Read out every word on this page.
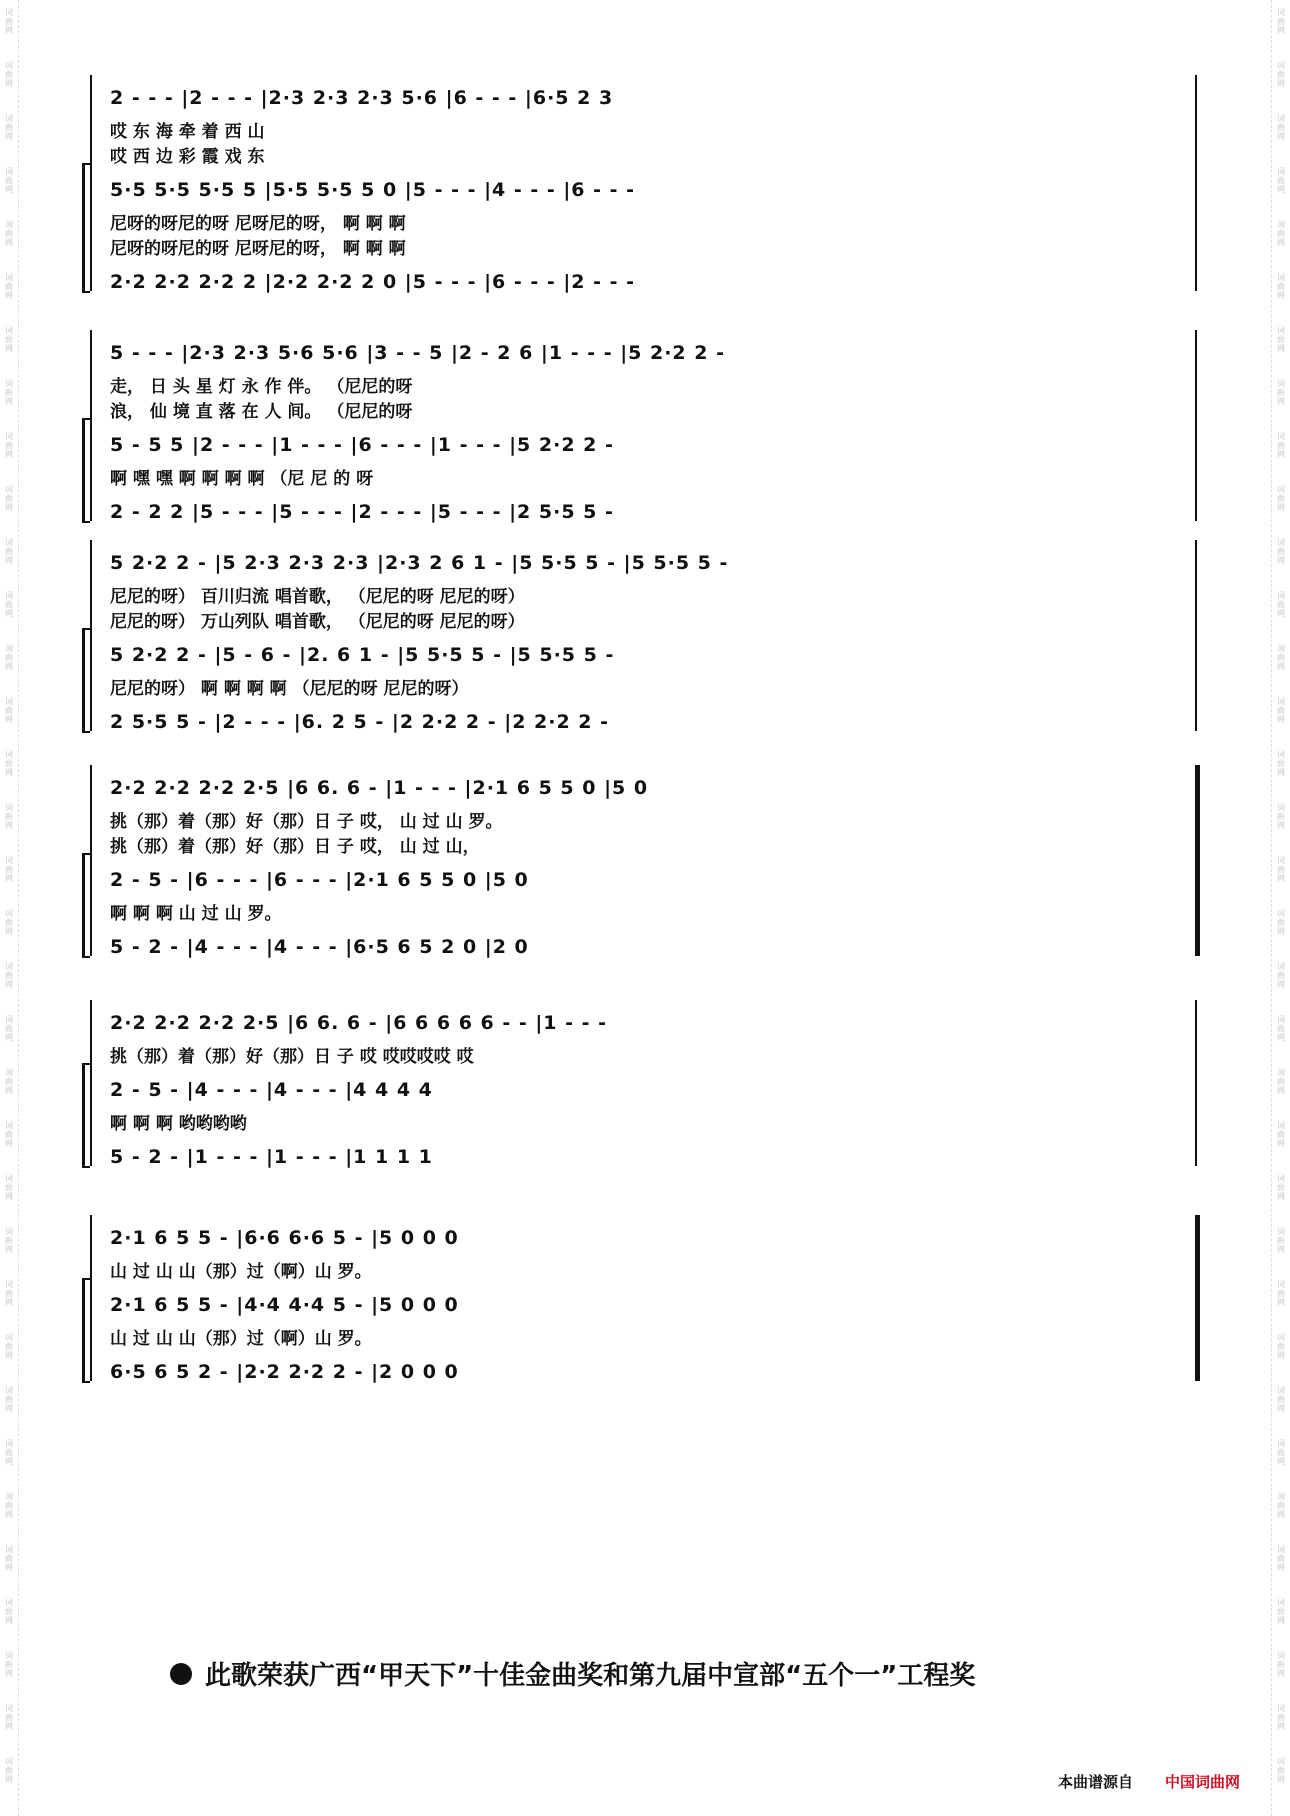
词曲网
词曲网
词曲网
词曲网
词曲网
词曲网
词曲网
词曲网
词曲网
词曲网
词曲网
词曲网
词曲网
词曲网
词曲网
词曲网
词曲网
词曲网
词曲网
词曲网
词曲网
词曲网
词曲网
词曲网
词曲网
词曲网
词曲网
词曲网
词曲网
词曲网
词曲网
词曲网
词曲网
词曲网
词曲网
词曲网
词曲网
词曲网
词曲网
词曲网
词曲网
词曲网
词曲网
词曲网
词曲网
词曲网
词曲网
词曲网
词曲网
词曲网
词曲网
词曲网
词曲网
词曲网
词曲网
词曲网
词曲网
词曲网
词曲网
词曲网
词曲网
词曲网
词曲网
词曲网
词曲网
词曲网
词曲网
词曲网
2 - - - |2 - - - |2·3 2·3 2·3 5·6 |6 - - - |6·5 2 3
哎 东 海 牵 着 西 山
哎 西 边 彩 霞 戏 东
5·5 5·5 5·5 5 |5·5 5·5 5 0 |5 - - - |4 - - - |6 - - -
尼呀的呀尼的呀 尼呀尼的呀， 啊 啊 啊
尼呀的呀尼的呀 尼呀尼的呀， 啊 啊 啊
2·2 2·2 2·2 2 |2·2 2·2 2 0 |5 - - - |6 - - - |2 - - -
5 - - - |2·3 2·3 5·6 5·6 |3 - - 5 |2 - 2 6 |1 - - - |5 2·2 2 -
走， 日 头 星 灯 永 作 伴。 （尼尼的呀
浪， 仙 境 直 落 在 人 间。 （尼尼的呀
5 - 5 5 |2 - - - |1 - - - |6 - - - |1 - - - |5 2·2 2 -
啊 嘿 嘿 啊 啊 啊 啊 （尼 尼 的 呀
2 - 2 2 |5 - - - |5 - - - |2 - - - |5 - - - |2 5·5 5 -
5 2·2 2 - |5 2·3 2·3 2·3 |2·3 2 6 1 - |5 5·5 5 - |5 5·5 5 -
尼尼的呀） 百川归流 唱首歌， （尼尼的呀 尼尼的呀）
尼尼的呀） 万山列队 唱首歌， （尼尼的呀 尼尼的呀）
5 2·2 2 - |5 - 6 - |2. 6 1 - |5 5·5 5 - |5 5·5 5 -
尼尼的呀） 啊 啊 啊 啊 （尼尼的呀 尼尼的呀）
2 5·5 5 - |2 - - - |6. 2 5 - |2 2·2 2 - |2 2·2 2 -
2·2 2·2 2·2 2·5 |6 6. 6 - |1 - - - |2·1 6 5 5 0 |5 0
挑（那）着（那）好（那）日 子 哎， 山 过 山 罗。
挑（那）着（那）好（那）日 子 哎， 山 过 山，
2 - 5 - |6 - - - |6 - - - |2·1 6 5 5 0 |5 0
啊 啊 啊 山 过 山 罗。
5 - 2 - |4 - - - |4 - - - |6·5 6 5 2 0 |2 0
2·2 2·2 2·2 2·5 |6 6. 6 - |6 6 6 6 6 - - |1 - - -
挑（那）着（那）好（那）日 子 哎 哎哎哎哎 哎
2 - 5 - |4 - - - |4 - - - |4 4 4 4
啊 啊 啊 哟哟哟哟
5 - 2 - |1 - - - |1 - - - |1 1 1 1
2·1 6 5 5 - |6·6 6·6 5 - |5 0 0 0
山 过 山 山（那）过（啊）山 罗。
2·1 6 5 5 - |4·4 4·4 5 - |5 0 0 0
山 过 山 山（那）过（啊）山 罗。
6·5 6 5 2 - |2·2 2·2 2 - |2 0 0 0
此歌荣获广西“甲天下”十佳金曲奖和第九届中宣部“五个一”工程奖
本曲谱源自 中国词曲网
